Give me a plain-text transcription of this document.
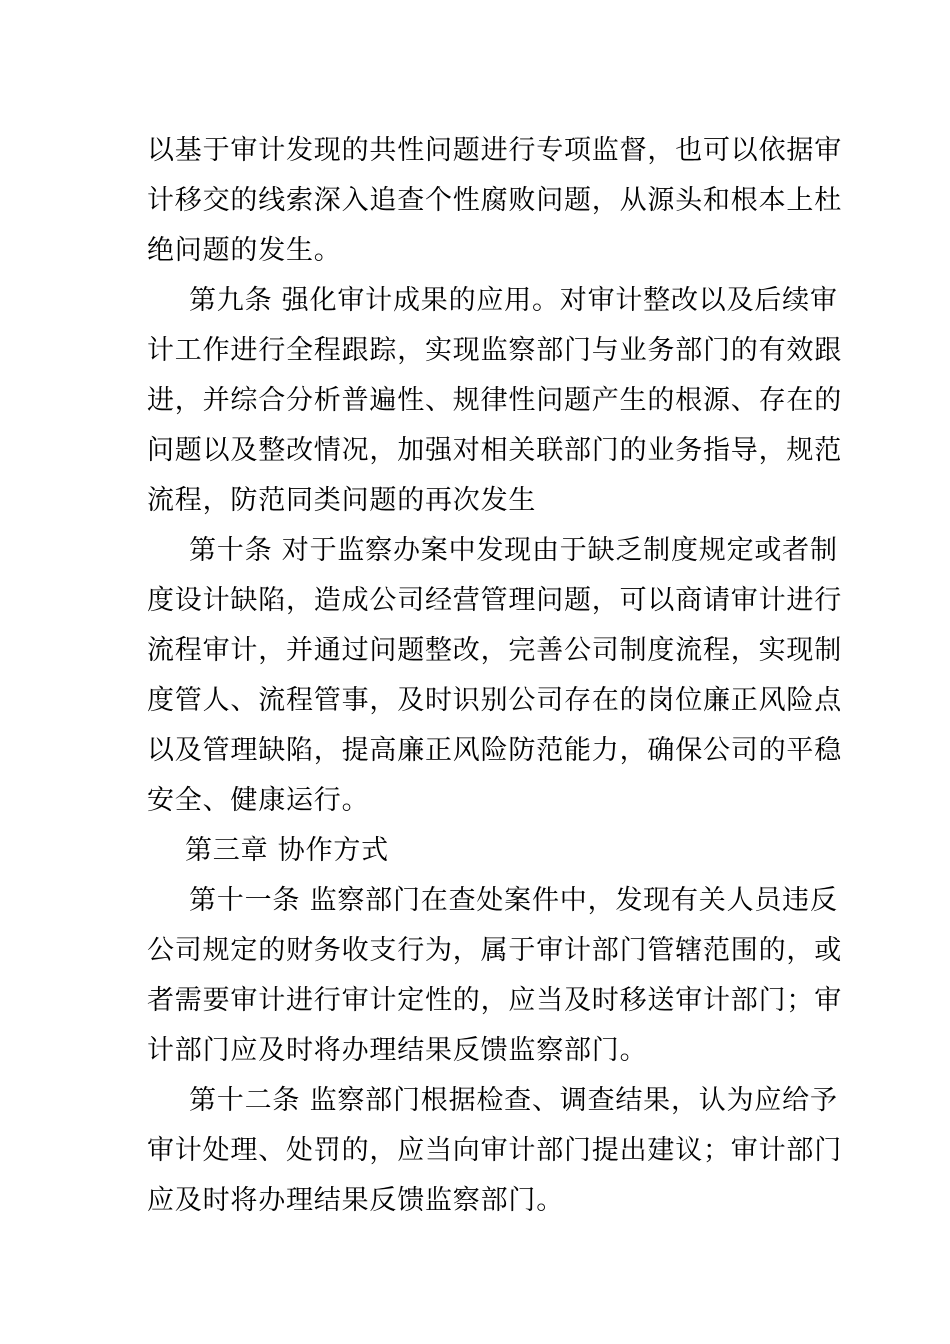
以基于审计发现的共性问题进行专项监督，也可以依据审
计移交的线索深入追查个性腐败问题，从源头和根本上杜
绝问题的发生。
第九条 强化审计成果的应用。对审计整改以及后续审
计工作进行全程跟踪，实现监察部门与业务部门的有效跟
进，并综合分析普遍性、规律性问题产生的根源、存在的
问题以及整改情况，加强对相关联部门的业务指导，规范
流程，防范同类问题的再次发生
第十条 对于监察办案中发现由于缺乏制度规定或者制
度设计缺陷，造成公司经营管理问题，可以商请审计进行
流程审计，并通过问题整改，完善公司制度流程，实现制
度管人、流程管事，及时识别公司存在的岗位廉正风险点
以及管理缺陷，提高廉正风险防范能力，确保公司的平稳
安全、健康运行。
第三章 协作方式
第十一条 监察部门在查处案件中，发现有关人员违反
公司规定的财务收支行为，属于审计部门管辖范围的，或
者需要审计进行审计定性的，应当及时移送审计部门；审
计部门应及时将办理结果反馈监察部门。
第十二条 监察部门根据检查、调查结果，认为应给予
审计处理、处罚的，应当向审计部门提出建议；审计部门
应及时将办理结果反馈监察部门。
